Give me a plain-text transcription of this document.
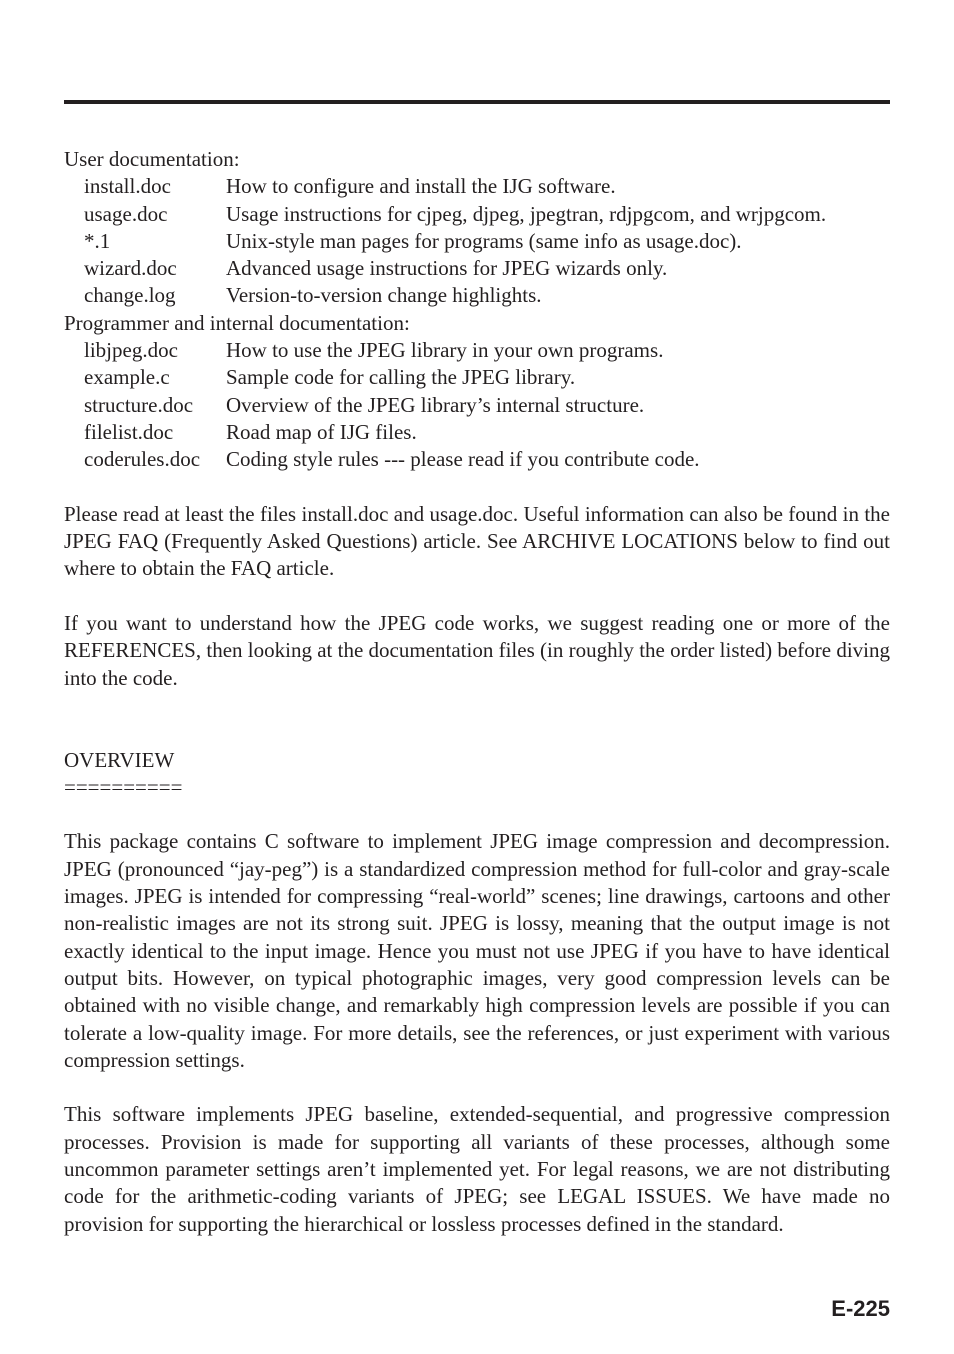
User documentation:
install.doc	How to configure and install the IJG software.
usage.doc	Usage instructions for cjpeg, djpeg, jpegtran, rdjpgcom, and wrjpgcom.
*.1	Unix-style man pages for programs (same info as usage.doc).
wizard.doc	Advanced usage instructions for JPEG wizards only.
change.log	Version-to-version change highlights.
Programmer and internal documentation:
libjpeg.doc	How to use the JPEG library in your own programs.
example.c	Sample code for calling the JPEG library.
structure.doc	Overview of the JPEG library’s internal structure.
filelist.doc	Road map of IJG files.
coderules.doc	Coding style rules --- please read if you contribute code.

Please read at least the files install.doc and usage.doc. Useful information can also be found in the JPEG FAQ (Frequently Asked Questions) article. See ARCHIVE LOCATIONS below to find out where to obtain the FAQ article.

If you want to understand how the JPEG code works, we suggest reading one or more of the REFERENCES, then looking at the documentation files (in roughly the order listed) before diving into the code.

OVERVIEW
==========

This package contains C software to implement JPEG image compression and decompression. JPEG (pronounced “jay-peg”) is a standardized compression method for full-color and gray-scale images. JPEG is intended for compressing “real-world” scenes; line drawings, cartoons and other non-realistic images are not its strong suit. JPEG is lossy, meaning that the output image is not exactly identical to the input image. Hence you must not use JPEG if you have to have identical output bits. However, on typical photographic images, very good compression levels can be obtained with no visible change, and remarkably high compression levels are possible if you can tolerate a low-quality image. For more details, see the references, or just experiment with various compression settings.

This software implements JPEG baseline, extended-sequential, and progressive compression processes. Provision is made for supporting all variants of these processes, although some uncommon parameter settings aren’t implemented yet. For legal reasons, we are not distributing code for the arithmetic-coding variants of JPEG; see LEGAL ISSUES. We have made no provision for supporting the hierarchical or lossless processes defined in the standard.

E-225
